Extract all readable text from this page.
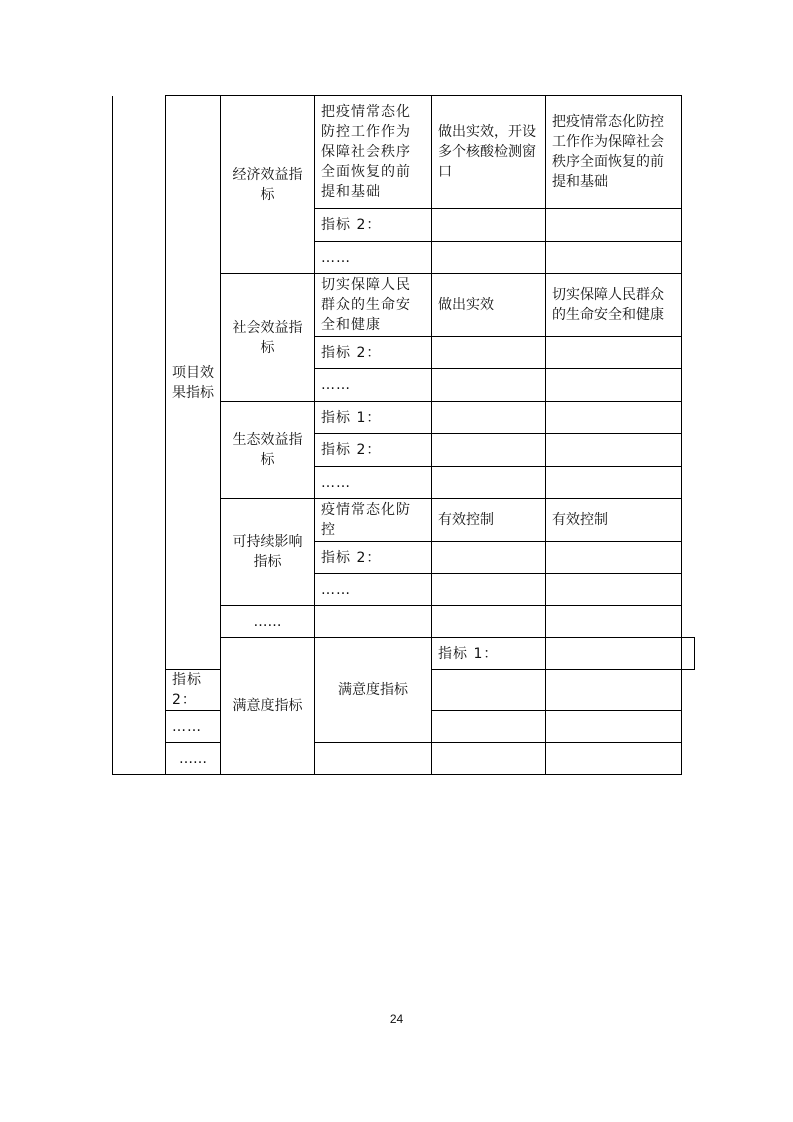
	项目效果指标	经济效益指标	把疫情常态化防控工作作为保障社会秩序全面恢复的前提和基础	做出实效，开设多个核酸检测窗口	把疫情常态化防控工作作为保障社会秩序全面恢复的前提和基础	
			指标 2：			
			……			
		社会效益指标	切实保障人民群众的生命安全和健康	做出实效	切实保障人民群众的生命安全和健康	
			指标 2：			
			……			
		生态效益指标	指标 1：			
			指标 2：			
			……			
		可持续影响指标	疫情常态化防控	有效控制	有效控制	
			指标 2：			
			……			
		……				
		满意度指标	满意度指标	指标 1：		
	指标 2：					
	……					
	……					
24
